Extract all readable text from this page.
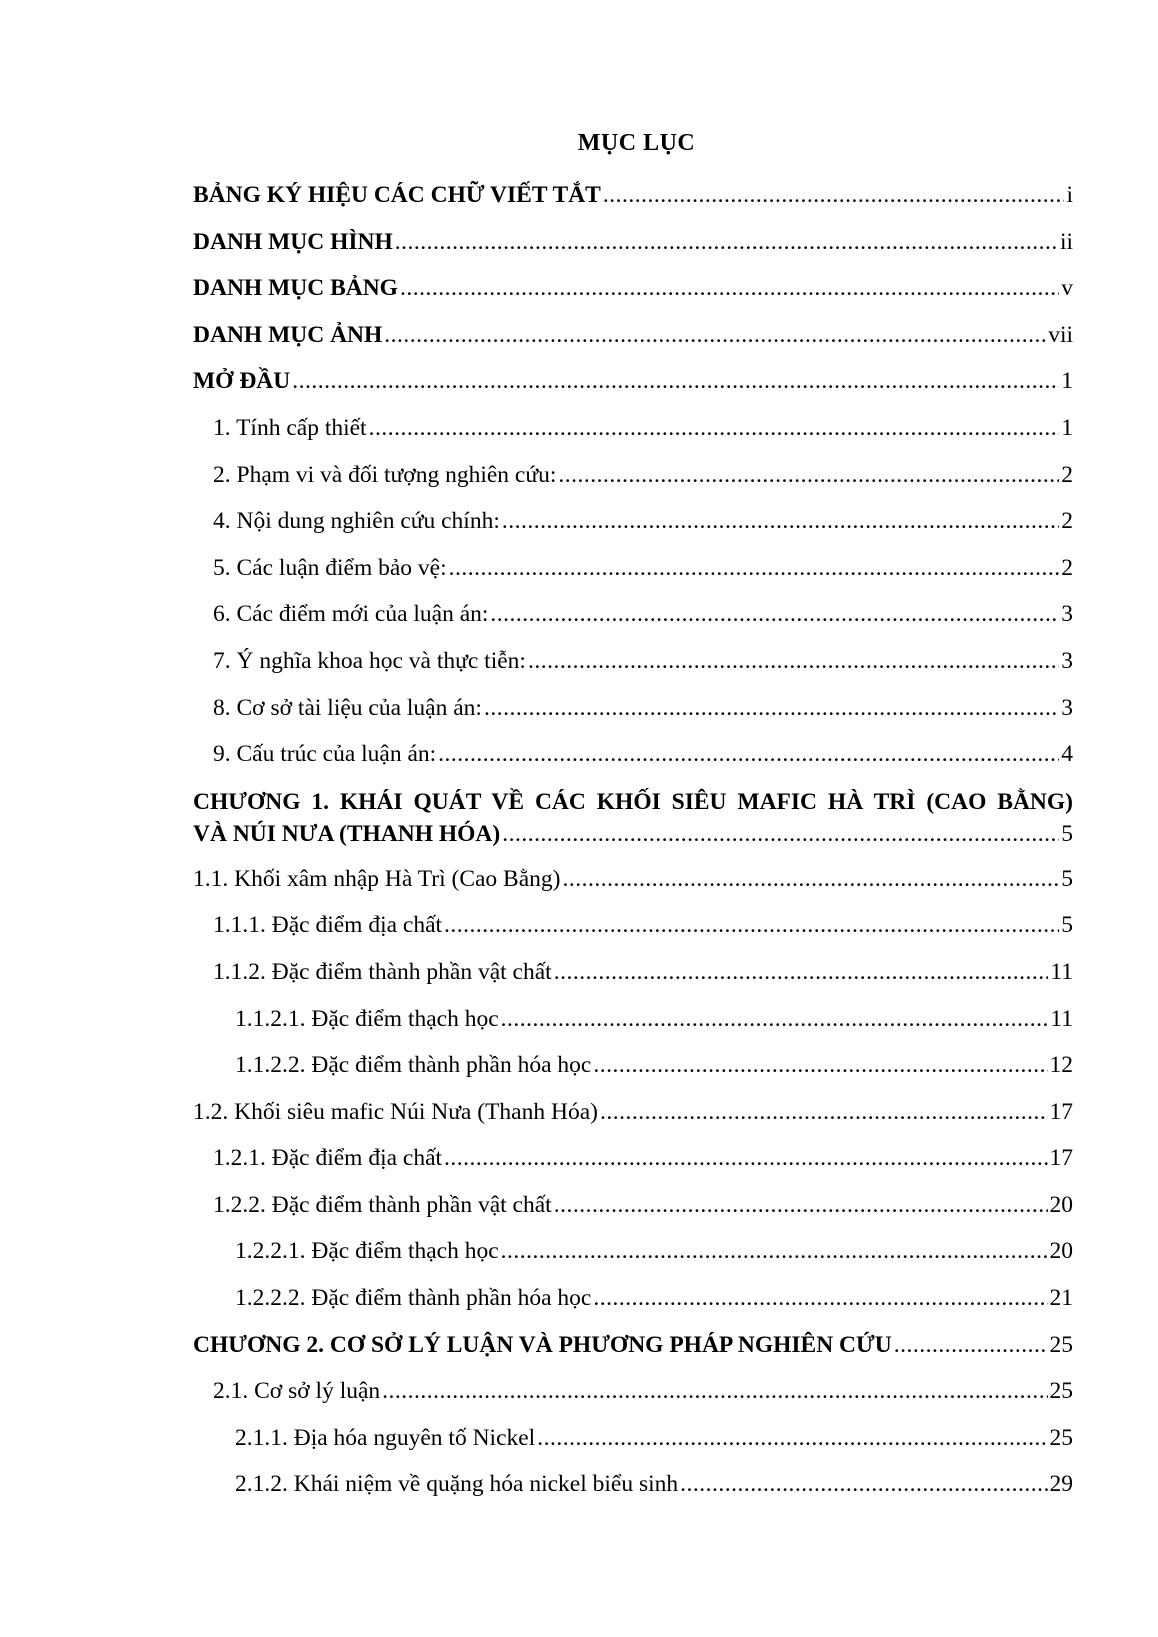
MỤC LỤC
BẢNG KÝ HIỆU CÁC CHỮ VIẾT TẮT .....	i
DANH MỤC HÌNH .....	ii
DANH MỤC BẢNG .....	v
DANH MỤC ẢNH .....	vii
MỞ ĐẦU .....	1
1. Tính cấp thiết .....	1
2. Phạm vi và đối tượng nghiên cứu: .....	2
4. Nội dung nghiên cứu chính: .....	2
5. Các luận điểm bảo vệ: .....	2
6. Các điểm mới của luận án: .....	3
7. Ý nghĩa khoa học và thực tiễn: .....	3
8. Cơ sở tài liệu của luận án: .....	3
9. Cấu trúc của luận án: .....	4
CHƯƠNG 1. KHÁI QUÁT VỀ CÁC KHỐI SIÊU MAFIC HÀ TRÌ (CAO BẰNG)
VÀ NÚI NƯA (THANH HÓA) .....	5
1.1. Khối xâm nhập Hà Trì (Cao Bằng) .....	5
1.1.1. Đặc điểm địa chất .....	5
1.1.2. Đặc điểm thành phần vật chất .....	11
1.1.2.1. Đặc điểm thạch học .....	11
1.1.2.2. Đặc điểm thành phần hóa học .....	12
1.2. Khối siêu mafic Núi Nưa (Thanh Hóa) .....	17
1.2.1. Đặc điểm địa chất .....	17
1.2.2. Đặc điểm thành phần vật chất .....	20
1.2.2.1. Đặc điểm thạch học .....	20
1.2.2.2. Đặc điểm thành phần hóa học .....	21
CHƯƠNG 2. CƠ SỞ LÝ LUẬN VÀ PHƯƠNG PHÁP NGHIÊN CỨU .....	25
2.1. Cơ sở lý luận .....	25
2.1.1. Địa hóa nguyên tố Nickel .....	25
2.1.2. Khái niệm về quặng hóa nickel biểu sinh .....	29
